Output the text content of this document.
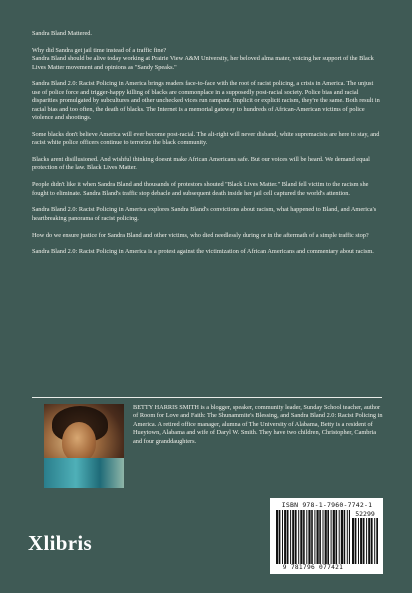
Sandra Bland Mattered.

Why did Sandra get jail time instead of a traffic fine?

Sandra Bland should be alive today working at Prairie View A&M University, her beloved alma mater, voicing her support of the Black Lives Matter movement and opinions as "Sandy Speaks."

Sandra Bland 2.0: Racist Policing in America brings readers face-to-face with the root of racist policing, a crisis in America. The unjust use of police force and trigger-happy killing of blacks are commonplace in a supposedly post-racial society. Police bias and racial disparities promulgated by subcultures and other unchecked vices run rampant. Implicit or explicit racism, they're the same. Both result in racial bias and too often, the death of blacks. The Internet is a memorial gateway to hundreds of African-American victims of police violence and shootings.

Some blacks don't believe America will ever become post-racial. The alt-right will never disband, white supremacists are here to stay, and racist white police officers continue to terrorize the black community.

Blacks arent disillusioned. And wishful thinking doesnt make African Americans safe. But our voices will be heard. We demand equal protection of the law. Black Lives Matter.

People didn't like it when Sandra Bland and thousands of protestors shouted "Black Lives Matter." Bland fell victim to the racism she fought to eliminate. Sandra Bland's traffic stop debacle and subsequent death inside her jail cell captured the world's attention.

Sandra Bland 2.0: Racist Policing in America explores Sandra Bland's convictions about racism, what happened to Bland, and America's heartbreaking panorama of racist policing.

How do we ensure justice for Sandra Bland and other victims, who died needlessly during or in the aftermath of a simple traffic stop?

Sandra Bland 2.0: Racist Policing in America is a protest against the victimization of African Americans and commentary about racism.

BETTY HARRIS SMITH is a blogger, speaker, community leader, Sunday School teacher, author of Room for Love and Faith: The Shunammite's Blessing, and Sandra Bland 2.0: Racist Policing in America. A retired office manager, alumna of The University of Alabama, Betty is a resident of Hueytown, Alabama and wife of Daryl W. Smith. They have two children, Christopher, Cambria and four granddaughters.
Xlibris
ISBN 978-1-7960-7742-1
52299
9 781796 077421
